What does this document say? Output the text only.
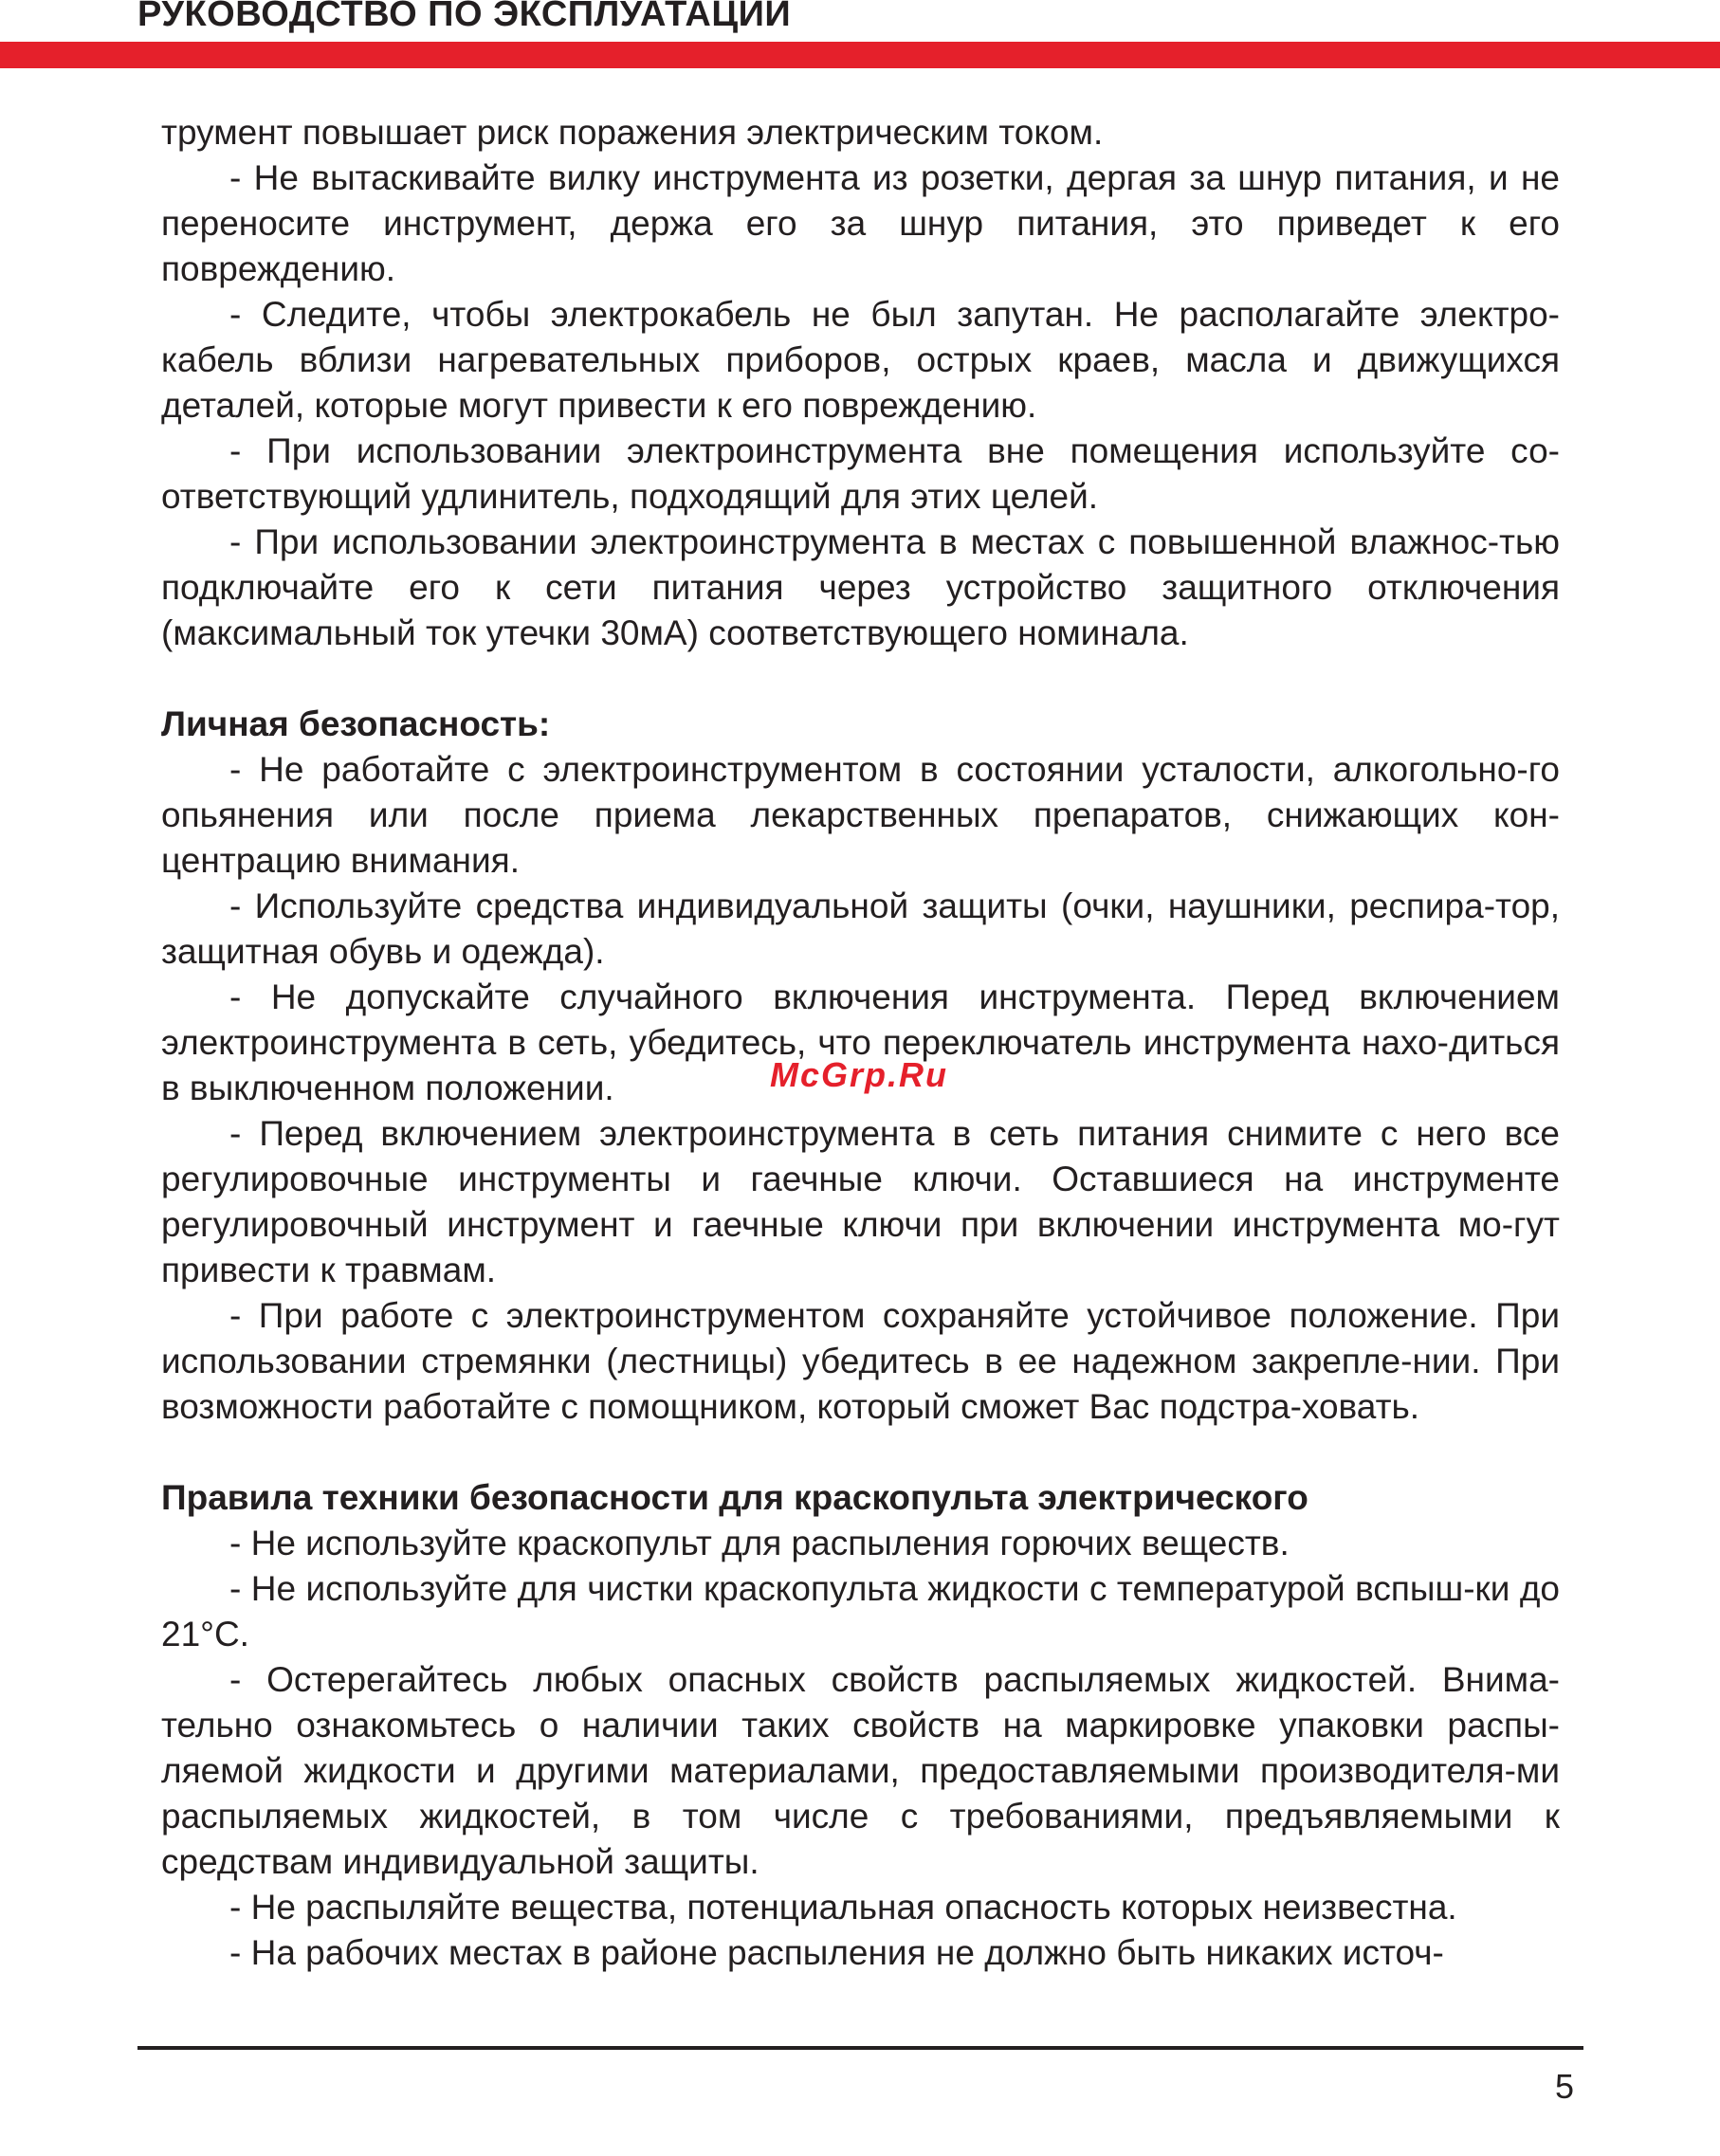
РУКОВОДСТВО ПО ЭКСПЛУАТАЦИИ

трумент повышает риск поражения электрическим током.

- Не вытаскивайте вилку инструмента из розетки, дергая за шнур питания, и не переносите инструмент, держа его за шнур питания, это приведет к его повреждению.

- Следите, чтобы электрокабель не был запутан. Не располагайте электро-кабель вблизи нагревательных приборов, острых краев, масла и движущихся деталей, которые могут привести к его повреждению.

- При использовании электроинструмента вне помещения используйте со-ответствующий удлинитель, подходящий для этих целей.

- При использовании электроинструмента в местах с повышенной влажнос-тью подключайте его к сети питания через устройство защитного отключения (максимальный ток утечки 30мА) соответствующего номинала.

Личная безопасность:

- Не работайте с электроинструментом в состоянии усталости, алкогольно-го опьянения или после приема лекарственных препаратов, снижающих кон-центрацию внимания.

- Используйте средства индивидуальной защиты (очки, наушники, респира-тор, защитная обувь и одежда).

- Не допускайте случайного включения инструмента. Перед включением электроинструмента в сеть, убедитесь, что переключатель инструмента нахо-диться в выключенном положении.

- Перед включением электроинструмента в сеть питания снимите с него все регулировочные инструменты и гаечные ключи. Оставшиеся на инструменте регулировочный инструмент и гаечные ключи при включении инструмента мо-гут привести к травмам.

- При работе с электроинструментом сохраняйте устойчивое положение. При использовании стремянки (лестницы) убедитесь в ее надежном закрепле-нии. При возможности работайте с помощником, который сможет Вас подстра-ховать.

Правила техники безопасности для краскопульта электрического

- Не используйте краскопульт для распыления горючих веществ.

- Не используйте для чистки краскопульта жидкости с температурой вспыш-ки до 21°С.

- Остерегайтесь любых опасных свойств распыляемых жидкостей. Внима-тельно ознакомьтесь о наличии таких свойств на маркировке упаковки распы-ляемой жидкости и другими материалами, предоставляемыми производителя-ми распыляемых жидкостей, в том числе с требованиями, предъявляемыми к средствам индивидуальной защиты.

- Не распыляйте вещества, потенциальная опасность которых неизвестна.

- На рабочих местах в районе распыления не должно быть никаких источ-

McGrp.Ru
5
